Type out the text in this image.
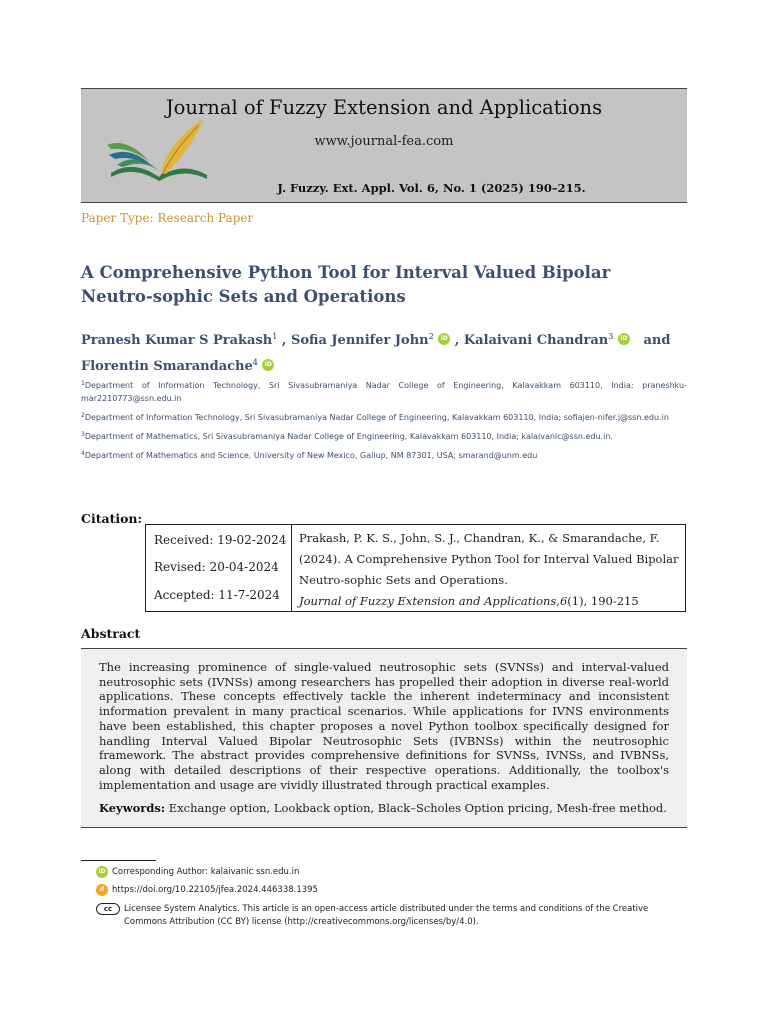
Journal of Fuzzy Extension and Applications
www.journal-fea.com
J. Fuzzy. Ext. Appl. Vol. 6, No. 1 (2025) 190–215.
Paper Type: Research Paper
A Comprehensive Python Tool for Interval Valued Bipolar Neutro-sophic Sets and Operations
Pranesh Kumar S Prakash$^1$ , Sofia Jennifer John$^2$ iD , Kalaivani Chandran$^3$ iD   and
Florentin Smarandache$^4$ iD
$^1$Department of Information Technology, Sri Sivasubramaniya Nadar College of Engineering, Kalavakkam 603110, India; praneshku-mar2210773@ssn.edu.in
$^2$Department of Information Technology, Sri Sivasubramaniya Nadar College of Engineering, Kalavakkam 603110, India; sofiajen-nifer.j@ssn.edu.in
$^3$Department of Mathematics, Sri Sivasubramaniya Nadar College of Engineering, Kalavakkam 603110, India; kalaivanic@ssn.edu.in.
$^4$Department of Mathematics and Science, University of New Mexico, Gallup, NM 87301, USA; smarand@unm.edu
Citation:
Received: 19-02-2024
Revised: 20-04-2024
Accepted: 11-7-2024
Prakash, P. K. S., John, S. J., Chandran, K., & Smarandache, F.
(2024). A Comprehensive Python Tool for Interval Valued Bipolar
Neutro-sophic Sets and Operations.
Journal of Fuzzy Extension and Applications,6(1), 190-215
Abstract

The increasing prominence of single-valued neutrosophic sets (SVNSs) and interval-valued neutrosophic sets (IVNSs) among researchers has propelled their adoption in diverse real-world applications. These concepts effectively tackle the inherent indeterminacy and inconsistent information prevalent in many practical scenarios. While applications for IVNS environments have been established, this chapter proposes a novel Python toolbox specifically designed for handling Interval Valued Bipolar Neutrosophic Sets (IVBNSs) within the neutrosophic framework. The abstract provides comprehensive definitions for SVNSs, IVNSs, and IVBNSs, along with detailed descriptions of their respective operations. Additionally, the toolbox's implementation and usage are vividly illustrated through practical examples.

Keywords: Exchange option, Lookback option, Black–Scholes Option pricing, Mesh-free method.
iD Corresponding Author: kalaivanic ssn.edu.in
d https://doi.org/10.22105/jfea.2024.446338.1395
cc	Licensee System Analytics. This article is an open-access article distributed under the terms and conditions of the Creative Commons Attribution (CC BY) license (http://creativecommons.org/licenses/by/4.0).
